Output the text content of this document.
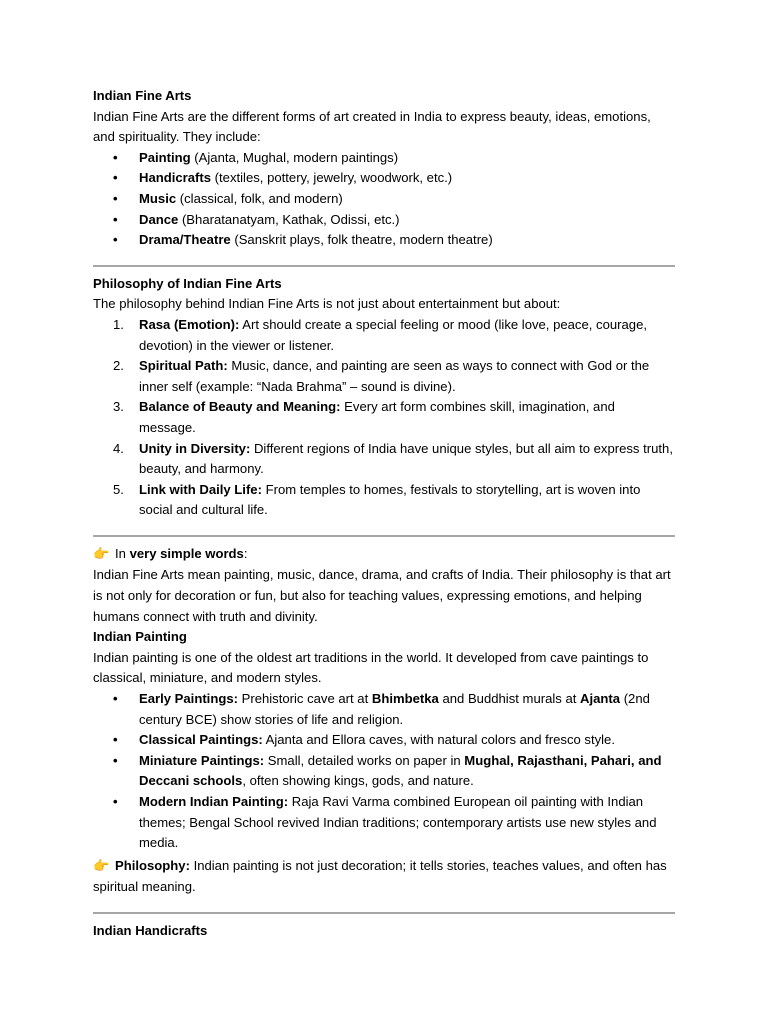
Indian Fine Arts

Indian Fine Arts are the different forms of art created in India to express beauty, ideas, emotions, and spirituality. They include:

• Painting (Ajanta, Mughal, modern paintings)
• Handicrafts (textiles, pottery, jewelry, woodwork, etc.)
• Music (classical, folk, and modern)
• Dance (Bharatanatyam, Kathak, Odissi, etc.)
• Drama/Theatre (Sanskrit plays, folk theatre, modern theatre)

Philosophy of Indian Fine Arts

The philosophy behind Indian Fine Arts is not just about entertainment but about:

1. Rasa (Emotion): Art should create a special feeling or mood (like love, peace, courage, devotion) in the viewer or listener.
2. Spiritual Path: Music, dance, and painting are seen as ways to connect with God or the inner self (example: “Nada Brahma” – sound is divine).
3. Balance of Beauty and Meaning: Every art form combines skill, imagination, and message.
4. Unity in Diversity: Different regions of India have unique styles, but all aim to express truth, beauty, and harmony.
5. Link with Daily Life: From temples to homes, festivals to storytelling, art is woven into social and cultural life.

👉 In very simple words:

Indian Fine Arts mean painting, music, dance, drama, and crafts of India. Their philosophy is that art is not only for decoration or fun, but also for teaching values, expressing emotions, and helping humans connect with truth and divinity.

Indian Painting

Indian painting is one of the oldest art traditions in the world. It developed from cave paintings to classical, miniature, and modern styles.

• Early Paintings: Prehistoric cave art at Bhimbetka and Buddhist murals at Ajanta (2nd century BCE) show stories of life and religion.
• Classical Paintings: Ajanta and Ellora caves, with natural colors and fresco style.
• Miniature Paintings: Small, detailed works on paper in Mughal, Rajasthani, Pahari, and Deccani schools, often showing kings, gods, and nature.
• Modern Indian Painting: Raja Ravi Varma combined European oil painting with Indian themes; Bengal School revived Indian traditions; contemporary artists use new styles and media.

👉 Philosophy: Indian painting is not just decoration; it tells stories, teaches values, and often has spiritual meaning.

Indian Handicrafts
